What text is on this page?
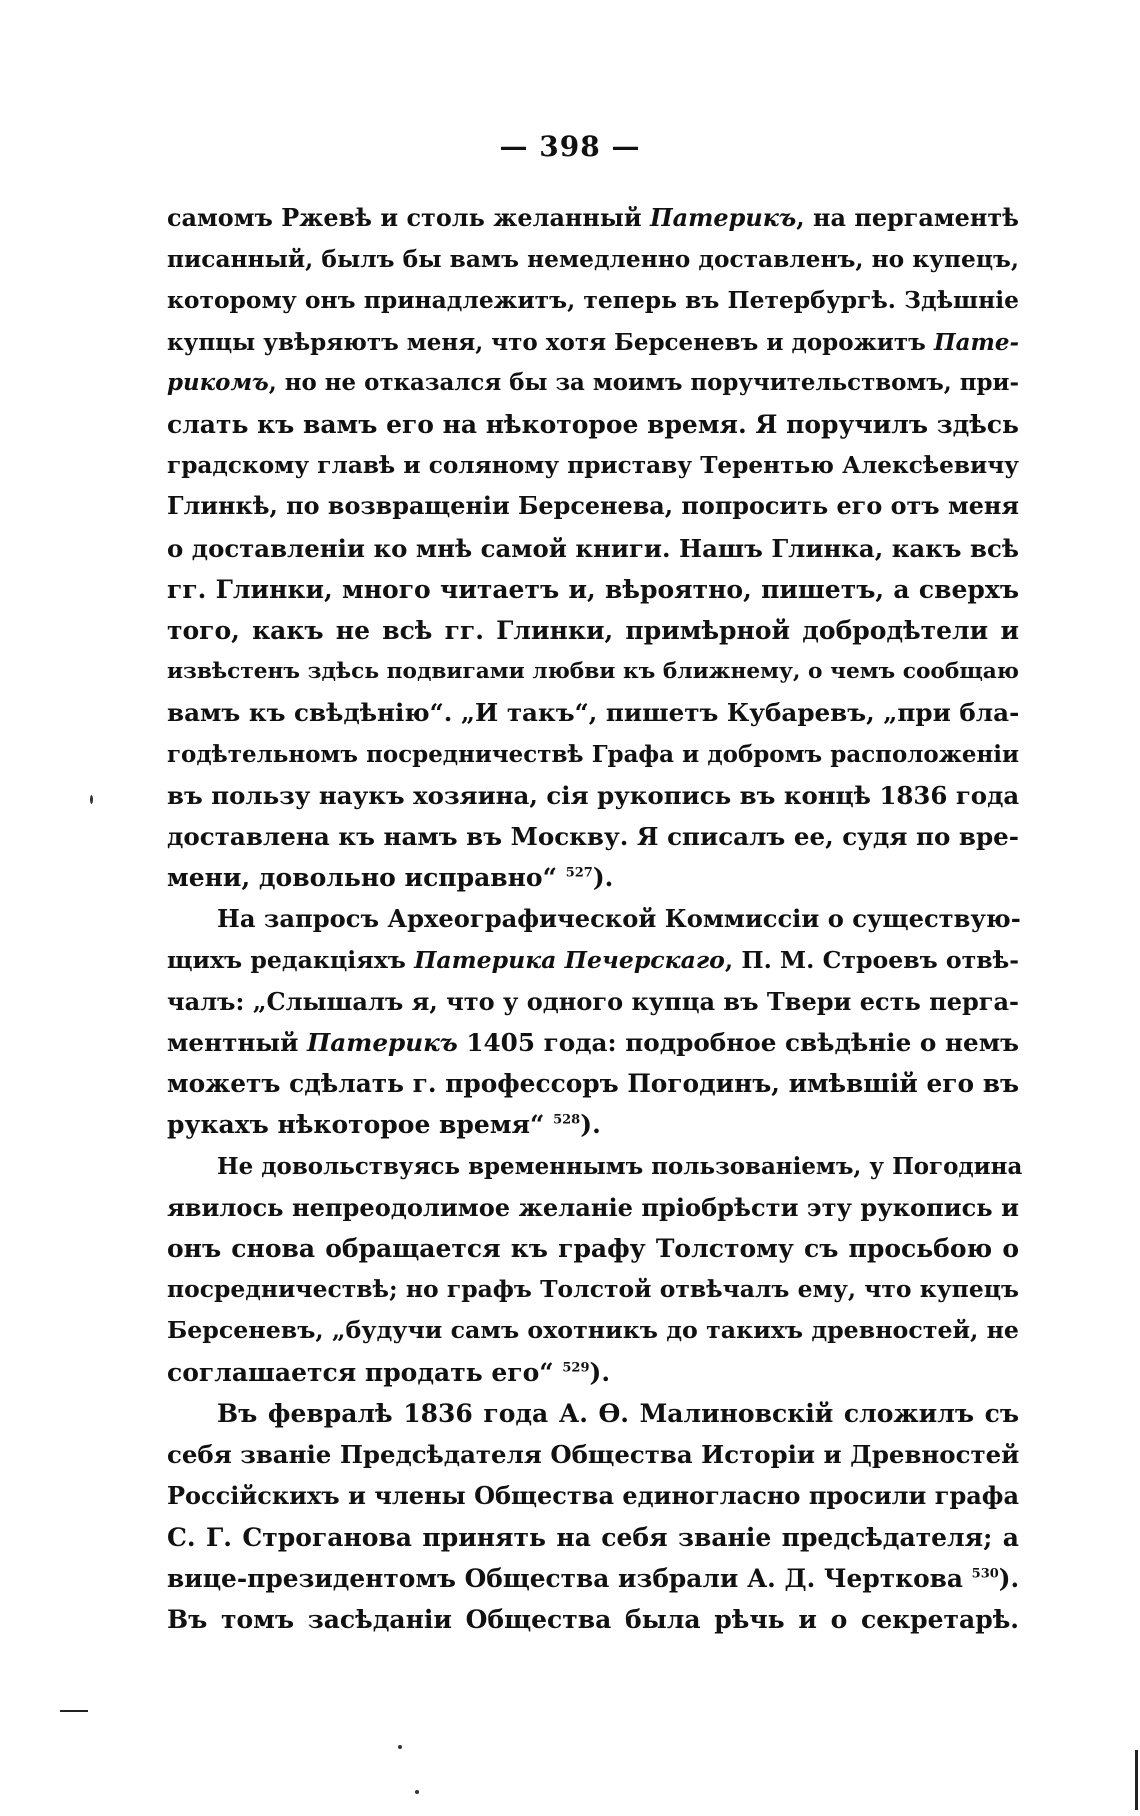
— 398 —
самомъ Ржевѣ и столь желанный Патерикъ, на пергаментѣ
писанный, былъ бы вамъ немедленно доставленъ, но купецъ,
которому онъ принадлежитъ, теперь въ Петербургѣ. Здѣшніе
купцы увѣряютъ меня, что хотя Берсеневъ и дорожитъ Пате-
рикомъ, но не отказался бы за моимъ поручительствомъ, при-
слать къ вамъ его на нѣкоторое время. Я поручилъ здѣсь
градскому главѣ и соляному приставу Терентью Алексѣевичу
Глинкѣ, по возвращеніи Берсенева, попросить его отъ меня
о доставленіи ко мнѣ самой книги. Нашъ Глинка, какъ всѣ
гг. Глинки, много читаетъ и, вѣроятно, пишетъ, а сверхъ
того, какъ не всѣ гг. Глинки, примѣрной добродѣтели и
извѣстенъ здѣсь подвигами любви къ ближнему, о чемъ сообщаю
вамъ къ свѣдѣнію“. „И такъ“, пишетъ Кубаревъ, „при бла-
годѣтельномъ посредничествѣ Графа и добромъ расположеніи
въ пользу наукъ хозяина, сія рукопись въ концѣ 1836 года
доставлена къ намъ въ Москву. Я списалъ ее, судя по вре-
мени, довольно исправно“ $^{527}$).
На запросъ Археографической Коммиссіи о существую-
щихъ редакціяхъ Патерика Печерскаго, П. М. Строевъ отвѣ-
чалъ: „Слышалъ я, что у одного купца въ Твери есть перга-
ментный Патерикъ 1405 года: подробное свѣдѣніе о немъ
можетъ сдѣлать г. профессоръ Погодинъ, имѣвшій его въ
рукахъ нѣкоторое время“ $^{528}$).
Не довольствуясь временнымъ пользованіемъ, у Погодина
явилось непреодолимое желаніе пріобрѣсти эту рукопись и
онъ снова обращается къ графу Толстому съ просьбою о
посредничествѣ; но графъ Толстой отвѣчалъ ему, что купецъ
Берсеневъ, „будучи самъ охотникъ до такихъ древностей, не
соглашается продать его“ $^{529}$).
Въ февралѣ 1836 года А. Ѳ. Малиновскій сложилъ съ
себя званіе Предсѣдателя Общества Исторіи и Древностей
Россійскихъ и члены Общества единогласно просили графа
С. Г. Строганова принять на себя званіе предсѣдателя; а
вице-президентомъ Общества избрали А. Д. Черткова $^{530}$).
Въ томъ засѣданіи Общества была рѣчь и о секретарѣ.
